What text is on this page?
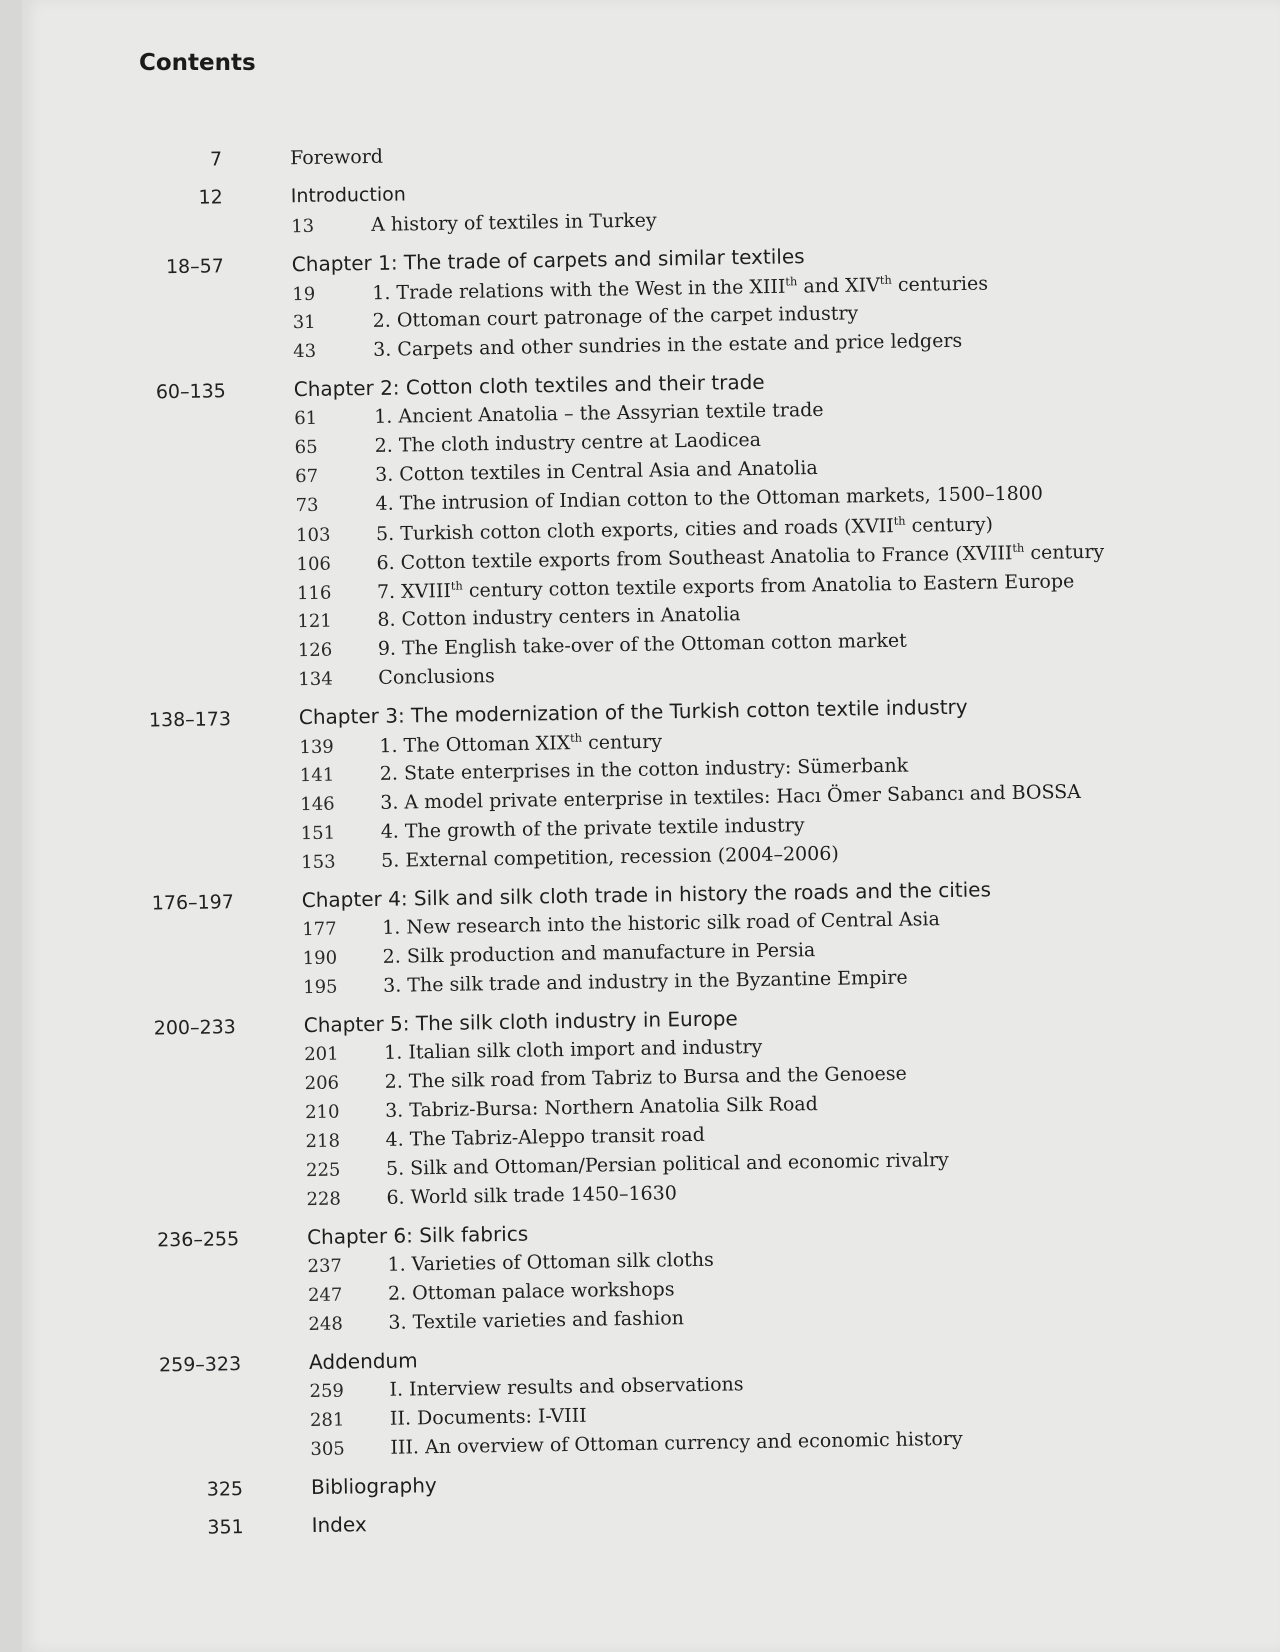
Contents
7	Foreword
12	Introduction
13	A history of textiles in Turkey
18–57	Chapter 1: The trade of carpets and similar textiles
19	1. Trade relations with the West in the XIIIth and XIVth centuries
31	2. Ottoman court patronage of the carpet industry
43	3. Carpets and other sundries in the estate and price ledgers
60–135	Chapter 2: Cotton cloth textiles and their trade
61	1. Ancient Anatolia – the Assyrian textile trade
65	2. The cloth industry centre at Laodicea
67	3. Cotton textiles in Central Asia and Anatolia
73	4. The intrusion of Indian cotton to the Ottoman markets, 1500–1800
103	5. Turkish cotton cloth exports, cities and roads (XVIIth century)
106	6. Cotton textile exports from Southeast Anatolia to France (XVIIIth century
116	7. XVIIIth century cotton textile exports from Anatolia to Eastern Europe
121	8. Cotton industry centers in Anatolia
126	9. The English take-over of the Ottoman cotton market
134	Conclusions
138–173	Chapter 3: The modernization of the Turkish cotton textile industry
139	1. The Ottoman XIXth century
141	2. State enterprises in the cotton industry: Sümerbank
146	3. A model private enterprise in textiles: Hacı Ömer Sabancı and BOSSA
151	4. The growth of the private textile industry
153	5. External competition, recession (2004–2006)
176–197	Chapter 4: Silk and silk cloth trade in history the roads and the cities
177	1. New research into the historic silk road of Central Asia
190	2. Silk production and manufacture in Persia
195	3. The silk trade and industry in the Byzantine Empire
200–233	Chapter 5: The silk cloth industry in Europe
201	1. Italian silk cloth import and industry
206	2. The silk road from Tabriz to Bursa and the Genoese
210	3. Tabriz-Bursa: Northern Anatolia Silk Road
218	4. The Tabriz-Aleppo transit road
225	5. Silk and Ottoman/Persian political and economic rivalry
228	6. World silk trade 1450–1630
236–255	Chapter 6: Silk fabrics
237	1. Varieties of Ottoman silk cloths
247	2. Ottoman palace workshops
248	3. Textile varieties and fashion
259–323	Addendum
259	I. Interview results and observations
281	II. Documents: I-VIII
305	III. An overview of Ottoman currency and economic history
325	Bibliography
351	Index
